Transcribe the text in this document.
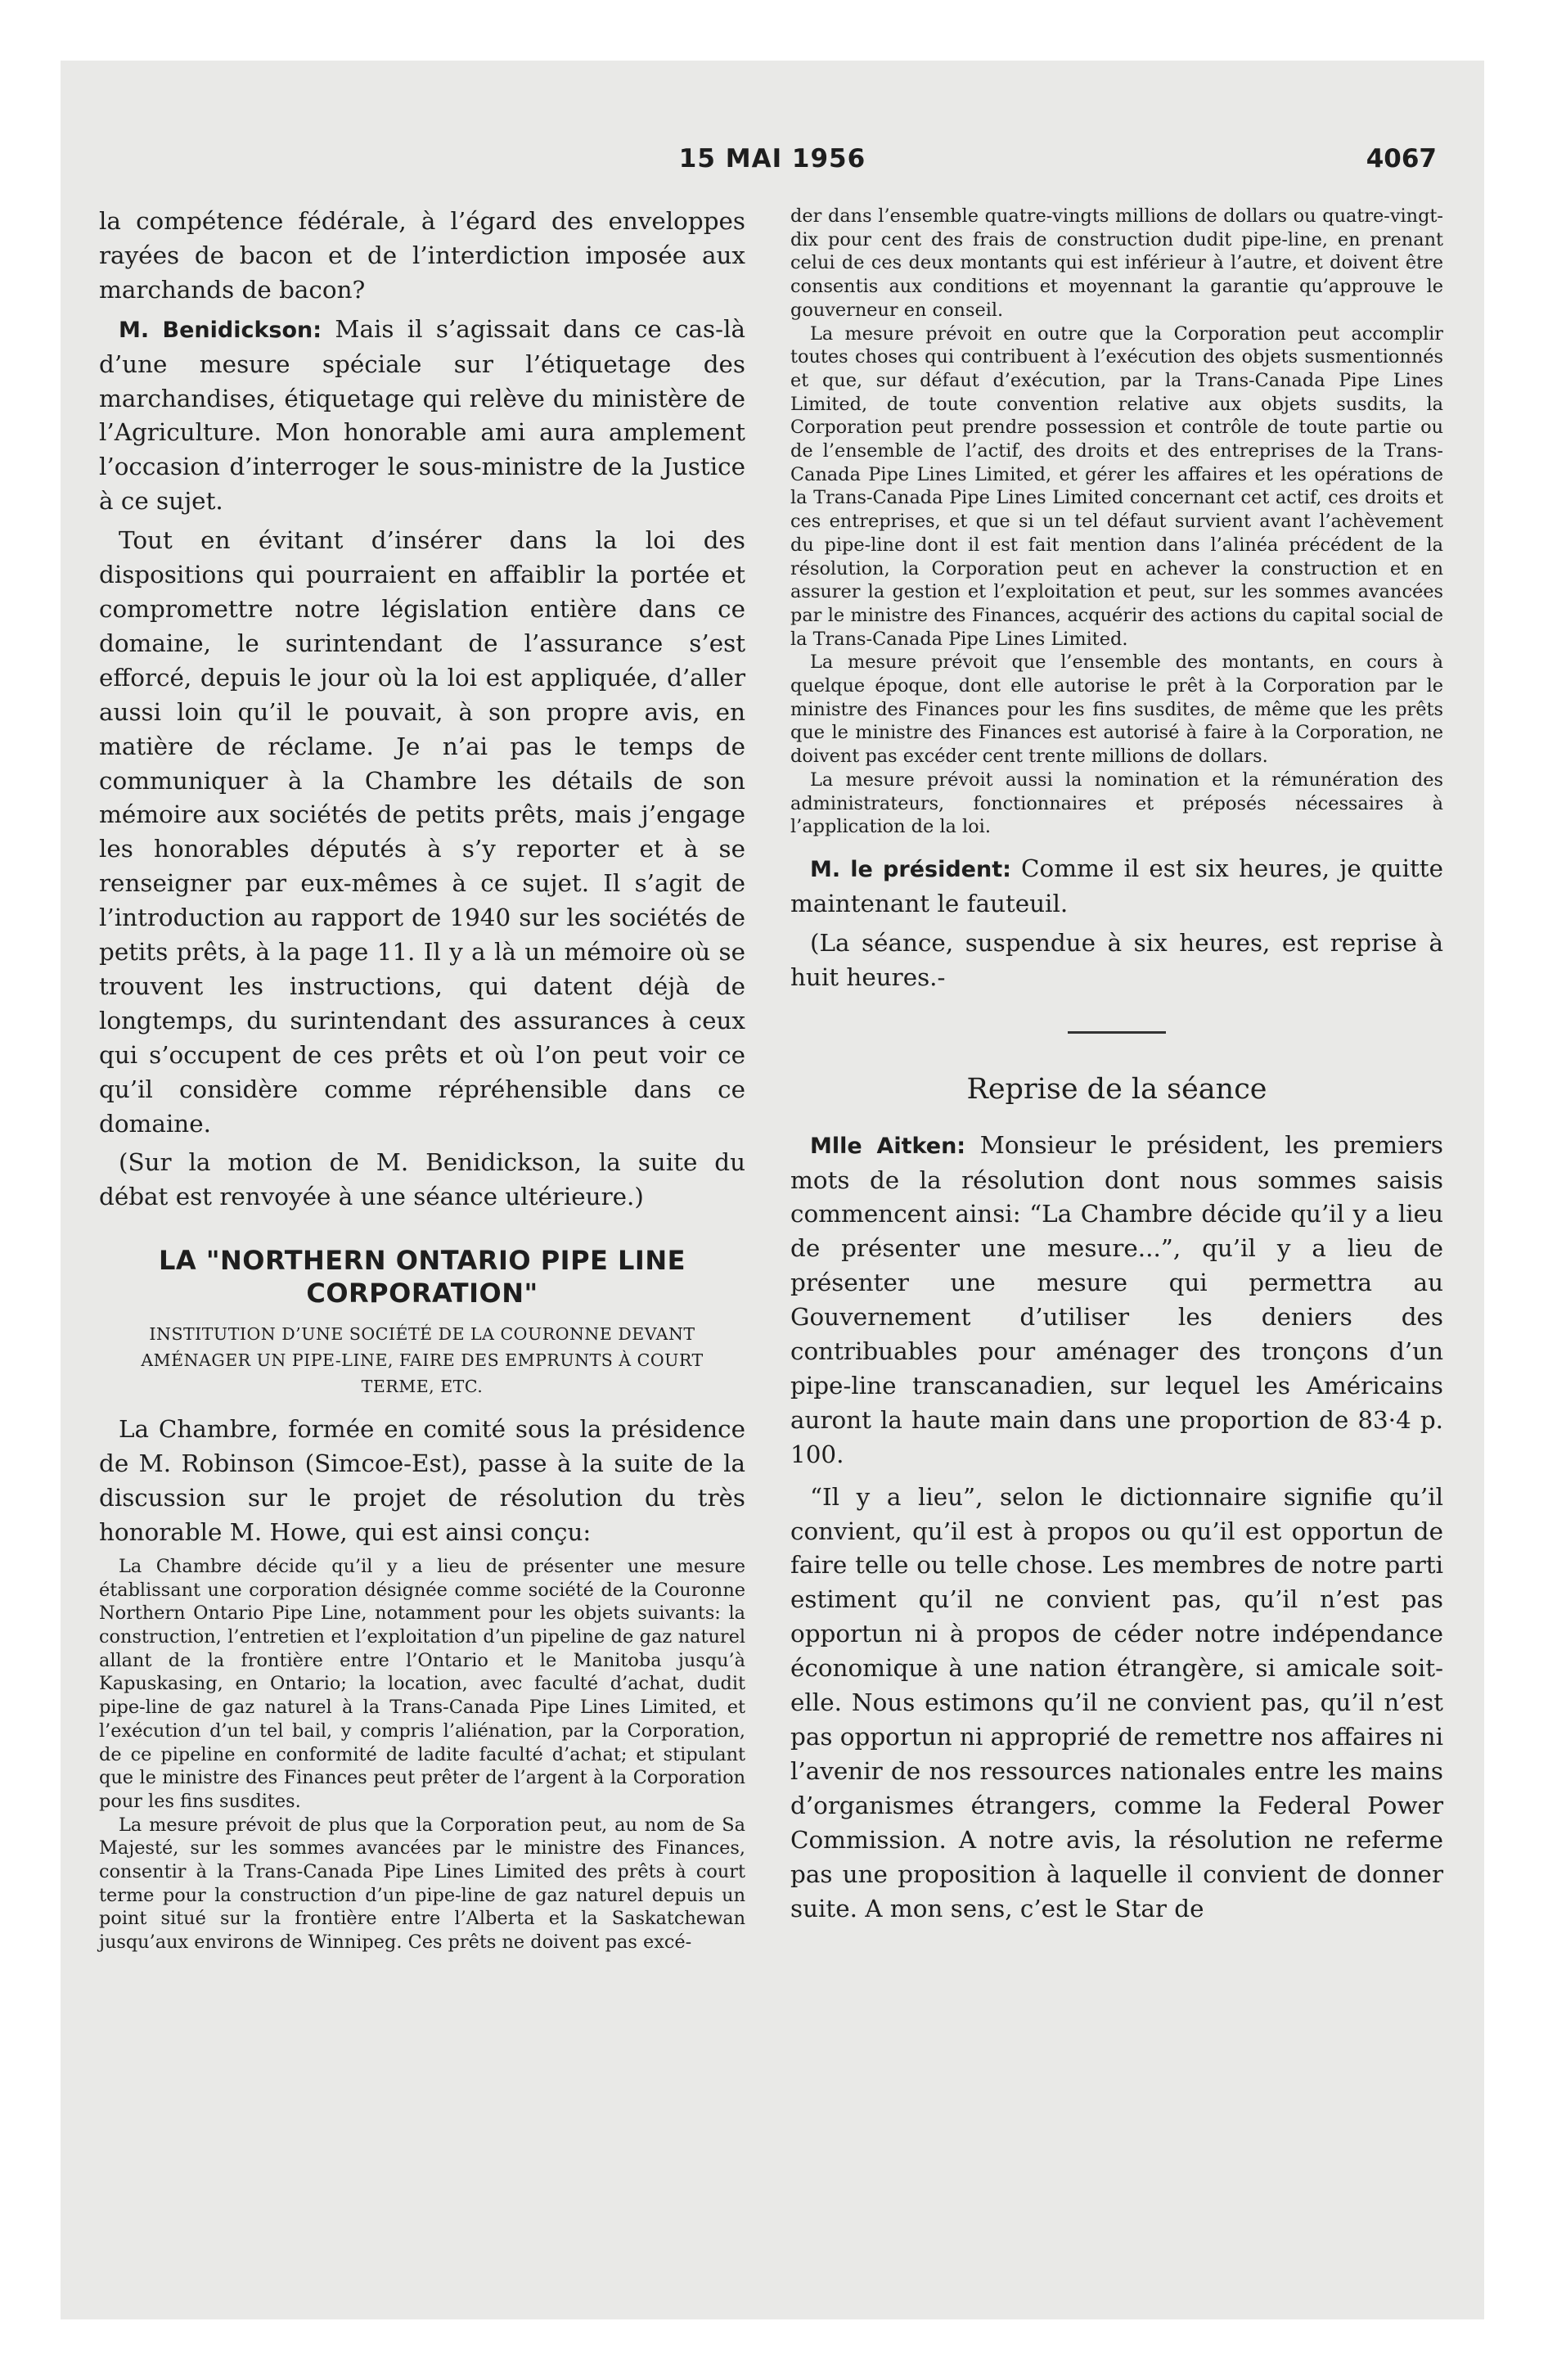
15 MAI 1956	4067

la compétence fédérale, à l’égard des enveloppes rayées de bacon et de l’interdiction imposée aux marchands de bacon?

M. Benidickson: Mais il s’agissait dans ce cas-là d’une mesure spéciale sur l’étiquetage des marchandises, étiquetage qui relève du ministère de l’Agriculture. Mon honorable ami aura amplement l’occasion d’interroger le sous-ministre de la Justice à ce sujet.

Tout en évitant d’insérer dans la loi des dispositions qui pourraient en affaiblir la portée et compromettre notre législation entière dans ce domaine, le surintendant de l’assurance s’est efforcé, depuis le jour où la loi est appliquée, d’aller aussi loin qu’il le pouvait, à son propre avis, en matière de réclame. Je n’ai pas le temps de communiquer à la Chambre les détails de son mémoire aux sociétés de petits prêts, mais j’engage les honorables députés à s’y reporter et à se renseigner par eux-mêmes à ce sujet. Il s’agit de l’introduction au rapport de 1940 sur les sociétés de petits prêts, à la page 11. Il y a là un mémoire où se trouvent les instructions, qui datent déjà de longtemps, du surintendant des assurances à ceux qui s’occupent de ces prêts et où l’on peut voir ce qu’il considère comme répréhensible dans ce domaine.

(Sur la motion de M. Benidickson, la suite du débat est renvoyée à une séance ultérieure.)

LA "NORTHERN ONTARIO PIPE LINE CORPORATION"
INSTITUTION D’UNE SOCIÉTÉ DE LA COURONNE DEVANT AMÉNAGER UN PIPE-LINE, FAIRE DES EMPRUNTS À COURT TERME, ETC.

La Chambre, formée en comité sous la présidence de M. Robinson (Simcoe-Est), passe à la suite de la discussion sur le projet de résolution du très honorable M. Howe, qui est ainsi conçu:

La Chambre décide qu’il y a lieu de présenter une mesure établissant une corporation désignée comme société de la Couronne Northern Ontario Pipe Line, notamment pour les objets suivants: la construction, l’entretien et l’exploitation d’un pipeline de gaz naturel allant de la frontière entre l’Ontario et le Manitoba jusqu’à Kapuskasing, en Ontario; la location, avec faculté d’achat, dudit pipe-line de gaz naturel à la Trans-Canada Pipe Lines Limited, et l’exécution d’un tel bail, y compris l’aliénation, par la Corporation, de ce pipeline en conformité de ladite faculté d’achat; et stipulant que le ministre des Finances peut prêter de l’argent à la Corporation pour les fins susdites.

La mesure prévoit de plus que la Corporation peut, au nom de Sa Majesté, sur les sommes avancées par le ministre des Finances, consentir à la Trans-Canada Pipe Lines Limited des prêts à court terme pour la construction d’un pipe-line de gaz naturel depuis un point situé sur la frontière entre l’Alberta et la Saskatchewan jusqu’aux environs de Winnipeg. Ces prêts ne doivent pas excé-

der dans l’ensemble quatre-vingts millions de dollars ou quatre-vingt-dix pour cent des frais de construction dudit pipe-line, en prenant celui de ces deux montants qui est inférieur à l’autre, et doivent être consentis aux conditions et moyennant la garantie qu’approuve le gouverneur en conseil.

La mesure prévoit en outre que la Corporation peut accomplir toutes choses qui contribuent à l’exécution des objets susmentionnés et que, sur défaut d’exécution, par la Trans-Canada Pipe Lines Limited, de toute convention relative aux objets susdits, la Corporation peut prendre possession et contrôle de toute partie ou de l’ensemble de l’actif, des droits et des entreprises de la Trans-Canada Pipe Lines Limited, et gérer les affaires et les opérations de la Trans-Canada Pipe Lines Limited concernant cet actif, ces droits et ces entreprises, et que si un tel défaut survient avant l’achèvement du pipe-line dont il est fait mention dans l’alinéa précédent de la résolution, la Corporation peut en achever la construction et en assurer la gestion et l’exploitation et peut, sur les sommes avancées par le ministre des Finances, acquérir des actions du capital social de la Trans-Canada Pipe Lines Limited.

La mesure prévoit que l’ensemble des montants, en cours à quelque époque, dont elle autorise le prêt à la Corporation par le ministre des Finances pour les fins susdites, de même que les prêts que le ministre des Finances est autorisé à faire à la Corporation, ne doivent pas excéder cent trente millions de dollars.

La mesure prévoit aussi la nomination et la rémunération des administrateurs, fonctionnaires et préposés nécessaires à l’application de la loi.

M. le président: Comme il est six heures, je quitte maintenant le fauteuil.

(La séance, suspendue à six heures, est reprise à huit heures.-

Reprise de la séance

Mlle Aitken: Monsieur le président, les premiers mots de la résolution dont nous sommes saisis commencent ainsi: “La Chambre décide qu’il y a lieu de présenter une mesure...”, qu’il y a lieu de présenter une mesure qui permettra au Gouvernement d’utiliser les deniers des contribuables pour aménager des tronçons d’un pipe-line transcanadien, sur lequel les Américains auront la haute main dans une proportion de 83·4 p. 100.

“Il y a lieu”, selon le dictionnaire signifie qu’il convient, qu’il est à propos ou qu’il est opportun de faire telle ou telle chose. Les membres de notre parti estiment qu’il ne convient pas, qu’il n’est pas opportun ni à propos de céder notre indépendance économique à une nation étrangère, si amicale soit-elle. Nous estimons qu’il ne convient pas, qu’il n’est pas opportun ni approprié de remettre nos affaires ni l’avenir de nos ressources nationales entre les mains d’organismes étrangers, comme la Federal Power Commission. A notre avis, la résolution ne referme pas une proposition à laquelle il convient de donner suite. A mon sens, c’est le Star de
